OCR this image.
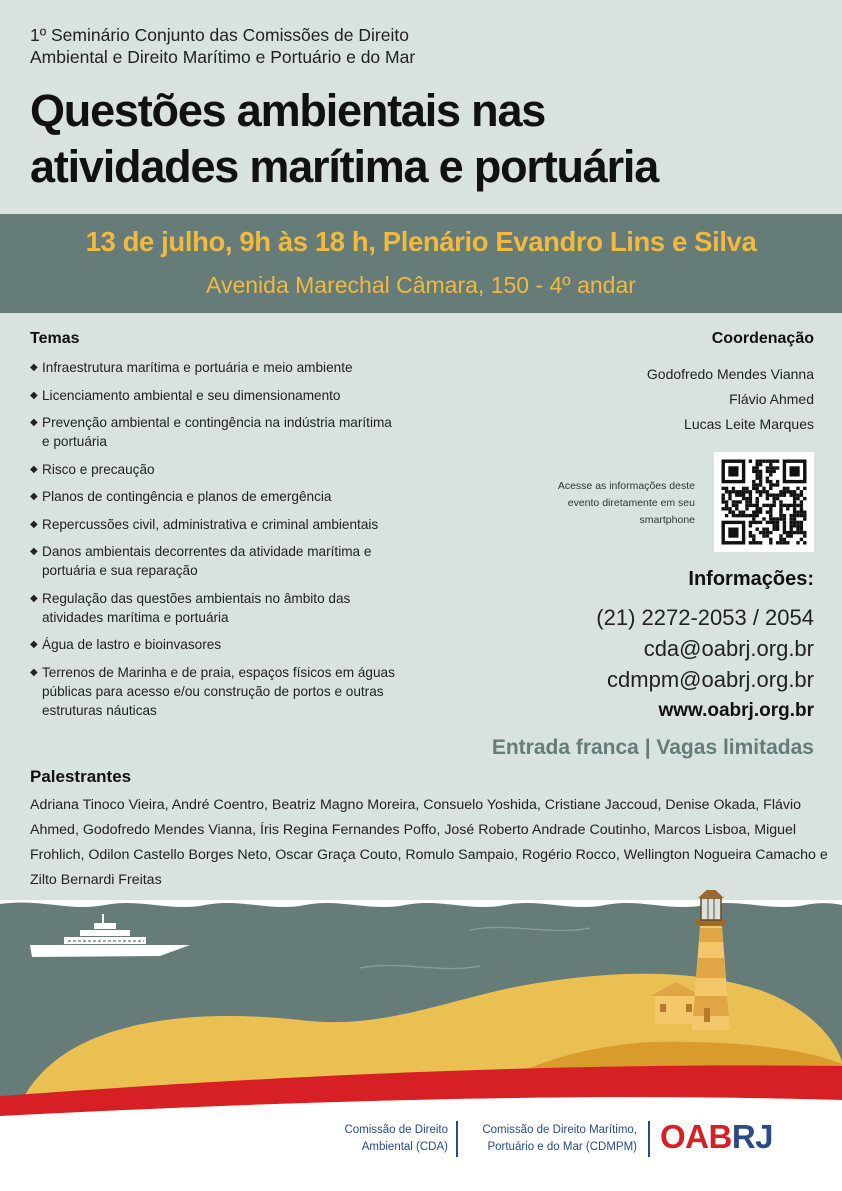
1º Seminário Conjunto das Comissões de Direito
Ambiental e Direito Marítimo e Portuário e do Mar
Questões ambientais nas
atividades marítima e portuária
13 de julho, 9h às 18 h, Plenário Evandro Lins e Silva
Avenida Marechal Câmara, 150 - 4º andar
Temas
◆ Infraestrutura marítima e portuária e meio ambiente
◆ Licenciamento ambiental e seu dimensionamento
◆ Prevenção ambiental e contingência na indústria marítima e portuária
◆ Risco e precaução
◆ Planos de contingência e planos de emergência
◆ Repercussões civil, administrativa e criminal ambientais
◆ Danos ambientais decorrentes da atividade marítima e portuária e sua reparação
◆ Regulação das questões ambientais no âmbito das atividades marítima e portuária
◆ Água de lastro e bioinvasores
◆ Terrenos de Marinha e de praia, espaços físicos em águas públicas para acesso e/ou construção de portos e outras estruturas náuticas
Coordenação
Godofredo Mendes Vianna
Flávio Ahmed
Lucas Leite Marques
Acesse as informações deste evento diretamente em seu smartphone
Informações:
(21) 2272-2053 / 2054
cda@oabrj.org.br
cdmpm@oabrj.org.br
www.oabrj.org.br
Entrada franca | Vagas limitadas
Palestrantes
Adriana Tinoco Vieira, André Coentro, Beatriz Magno Moreira, Consuelo Yoshida, Cristiane Jaccoud, Denise Okada, Flávio Ahmed, Godofredo Mendes Vianna, Íris Regina Fernandes Poffo, José Roberto Andrade Coutinho, Marcos Lisboa, Miguel Frohlich, Odilon Castello Borges Neto, Oscar Graça Couto, Romulo Sampaio, Rogério Rocco, Wellington Nogueira Camacho e Zilto Bernardi Freitas
Comissão de Direito
Ambiental (CDA)
Comissão de Direito Marítimo,
Portuário e do Mar (CDMPM) OABRJ
